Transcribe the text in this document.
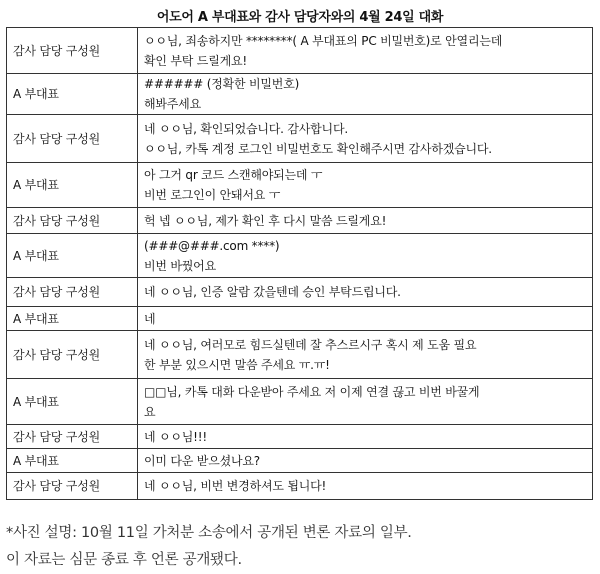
어도어 A 부대표와 감사 담당자와의 4월 24일 대화
감사 담당 구성원	ㅇㅇ님, 죄송하지만 ********( A 부대표의 PC 비밀번호)로 안열리는데
확인 부탁 드릴게요!

A 부대표	###### (정확한 비밀번호)
해봐주세요

감사 담당 구성원	네 ㅇㅇ님, 확인되었습니다. 감사합니다.
ㅇㅇ님, 카톡 계정 로그인 비밀번호도 확인해주시면 감사하겠습니다.

A 부대표	아 그거 qr 코드 스캔해야되는데 ㅜ
비번 로그인이 안돼서요 ㅜ

감사 담당 구성원	헉 넵 ㅇㅇ님, 제가 확인 후 다시 말씀 드릴게요!

A 부대표	(###@###.com ****)
비번 바꿨어요

감사 담당 구성원	네 ㅇㅇ님, 인증 알람 갔을텐데 승인 부탁드립니다.

A 부대표	네

감사 담당 구성원	네 ㅇㅇ님, 여러모로 힘드실텐데 잘 추스르시구 혹시 제 도움 필요
한 부분 있으시면 말씀 주세요 ㅠ.ㅠ!

A 부대표	□□님, 카톡 대화 다운받아 주세요 저 이제 연결 끊고 비번 바꿀게
요

감사 담당 구성원	네 ㅇㅇ님!!!

A 부대표	이미 다운 받으셨나요?

감사 담당 구성원	네 ㅇㅇ님, 비번 변경하셔도 됩니다!
*사진 설명: 10월 11일 가처분 소송에서 공개된 변론 자료의 일부.
이 자료는 심문 종료 후 언론 공개됐다.
